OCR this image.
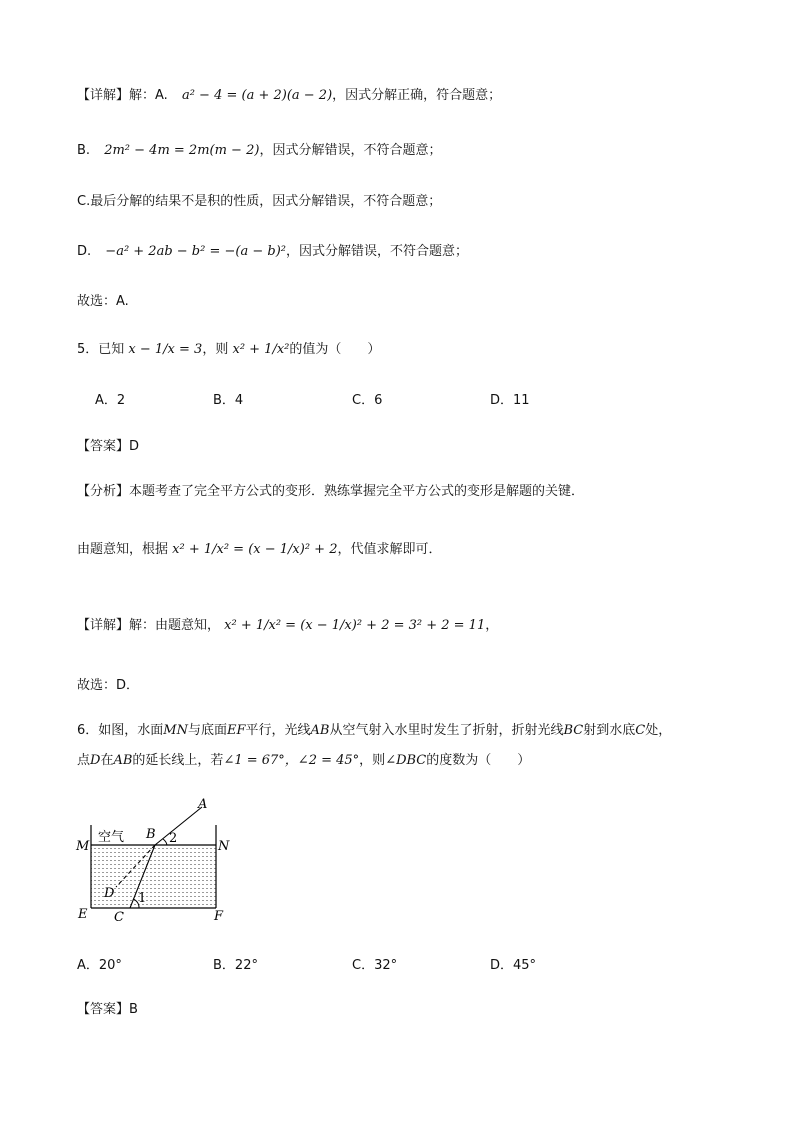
【详解】解：A. a² − 4 = (a + 2)(a − 2)，因式分解正确，符合题意；
B. 2m² − 4m = 2m(m − 2)，因式分解错误，不符合题意；
C.最后分解的结果不是积的性质，因式分解错误，不符合题意；
D. −a² + 2ab − b² = −(a − b)²，因式分解错误，不符合题意；
故选：A.
5．已知 x − 1/x = 3，则 x² + 1/x²的值为（　　）
A．2	B．4	C．6	D．11
【答案】D
【分析】本题考查了完全平方公式的变形．熟练掌握完全平方公式的变形是解题的关键．
由题意知，根据 x² + 1/x² = (x − 1/x)² + 2，代值求解即可．
【详解】解：由题意知， x² + 1/x² = (x − 1/x)² + 2 = 3² + 2 = 11，
故选：D．
6．如图，水面MN与底面EF平行，光线AB从空气射入水里时发生了折射，折射光线BC射到水底C处，
点D在AB的延长线上，若∠1 = 67°，∠2 = 45°，则∠DBC的度数为（　　）
空气
A
B 2
M	N
D 1
E C	F
A．20°	B．22°	C．32°	D．45°
【答案】B
